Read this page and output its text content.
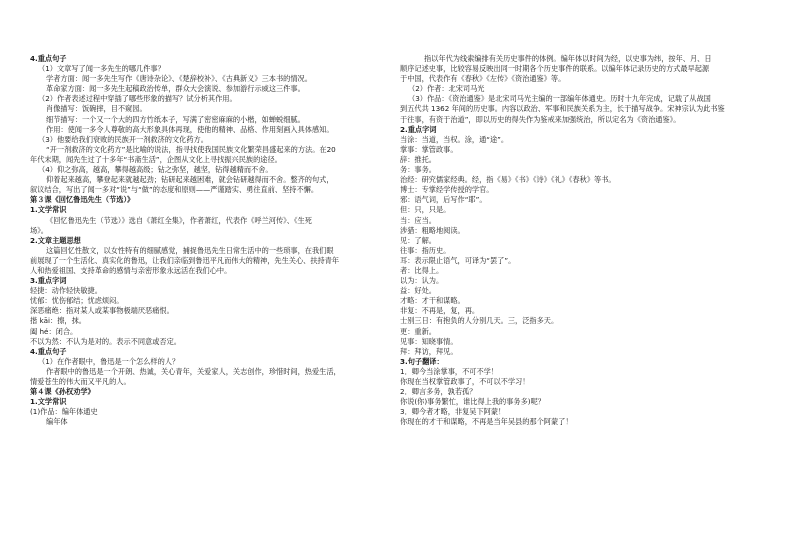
4.重点句子
（1）文章写了闻一多先生的哪几件事？
学者方面：闻一多先生写作《唐诗杂论》、《楚辞校补》、《古典新义》三本书的情况。
革命家方面：闻一多先生起稿政治传单，群众大会演说、参加游行示威这三件事。
（2）作者表述过程中穿插了哪些形象的描写？试分析其作用。
肖像描写：饭碗摔，目不窥园。
细节描写：一个又一个大的四方竹纸本子，写满了密密麻麻的小楷，如蝉蜕细腻。
作用：使闻一多令人尊敬的高大形象具体再现，使他的精神、品格、作用刻画入具体感知。
（3）他要给我们衰败的民族开一剂救济的文化药方。
“开一剂救济的文化药方”是比喻的说法，指寻找使我国民族文化繁荣昌盛起来的方法。在20
年代末期，闻先生过了十多年“书斋生活”，企图从文化上寻找振兴民族的途径。
（4）仰之弥高，越高，攀得越高级；钻之弥坚，越坚，钻得越精而不舍。
仰着起来越高，攀登起来就越起劲；钻研起来越困难，就会钻研越得而不舍。整齐的句式，
叙议结合，写出了闻一多对“说”与“做”的态度和原则——严谨踏实、勇往直前、坚持不懈。
第３课《回忆鲁迅先生（节选）》
1.文学常识
《回忆鲁迅先生（节选）》选自《萧红全集》，作者萧红，代表作《呼兰河传》、《生死
场》。
2.文章主题思想
这篇回忆性散文，以女性特有的细腻感觉，捕捉鲁迅先生日常生活中的一些琐事，在我们眼
前展现了一个生活化、真实化的鲁迅，让我们亲临到鲁迅平凡而伟大的精神，先生关心、扶持青年
人和热爱祖国、支持革命的感情与亲密形象永远活在我们心中。
3.重点字词
轻捷：动作轻快敏捷。
忧郁：忧伤郁结；忧虑烦闷。
深恶痛绝：指对某人或某事物极端厌恶痛恨。
揩 kāi：擦，抹。
阖 hé：闭合。
不以为然：不认为是对的。表示不同意或否定。
4.重点句子
（1）在作者眼中，鲁迅是一个怎么样的人？
作者眼中的鲁迅是一个开朗、热诚，关心青年，关爱家人，关志创作，珍惜时间，热爱生活，
情爱苍生的伟大而又平凡的人。
第４课《孙权劝学》
1.文学常识
(1)作品：编年体通史
编年体
指以年代为线索编排有关历史事件的体例。编年体以时间为经，以史事为纬，按年、月、日
顺序记述史事，比较容易反映出同一时期各个历史事件的联系。以编年体记录历史的方式最早起源
于中国，代表作有《春秋》《左传》《资治通鉴》等。
（2）作者：北宋司马光
（3）作品：《资治通鉴》是北宋司马光主编的一部编年体通史。历时十九年完成，记载了从战国
到五代共 1362 年间的历史事。内容以政治、军事和民族关系为主，长于描写战争。宋神宗认为此书鉴
于往事，有资于治道”，即以历史的得失作为鉴戒来加强统治，所以定名为《资治通鉴》。
2.重点字词
当涂：当道，当权。涂，通“途”。
掌事：掌管政事。
辞：推托。
务：事务。
治经：研究儒家经典。经，指《易》《书》《诗》《礼》《春秋》等书。
博士：专掌经学传授的学官。
邪：语气词，后写作“耶”。
但：只，只是。
当：应当。
涉猎：粗略地阅读。
见：了解。
往事：指历史。
耳：表示限止语气，可译为“罢了”。
者：比得上。
以为：认为。
益：好处。
才略：才干和谋略。
非复：不再是，复，再。
士别三日：有抱负的人分别几天。三，泛指多天。
更：重新。
见事：知晓事情。
拜：拜访，拜见。
3.句子翻译：
1．卿今当涂掌事，不可不学！
你现在当权掌管政事了，不可以不学习！
2．卿言多务，孰若孤？
你说(你)事务繁忙，谁比得上我的事务多)呢？
3．卿今者才略，非复吴下阿蒙！
你现在的才干和谋略，不再是当年吴县的那个阿蒙了！
